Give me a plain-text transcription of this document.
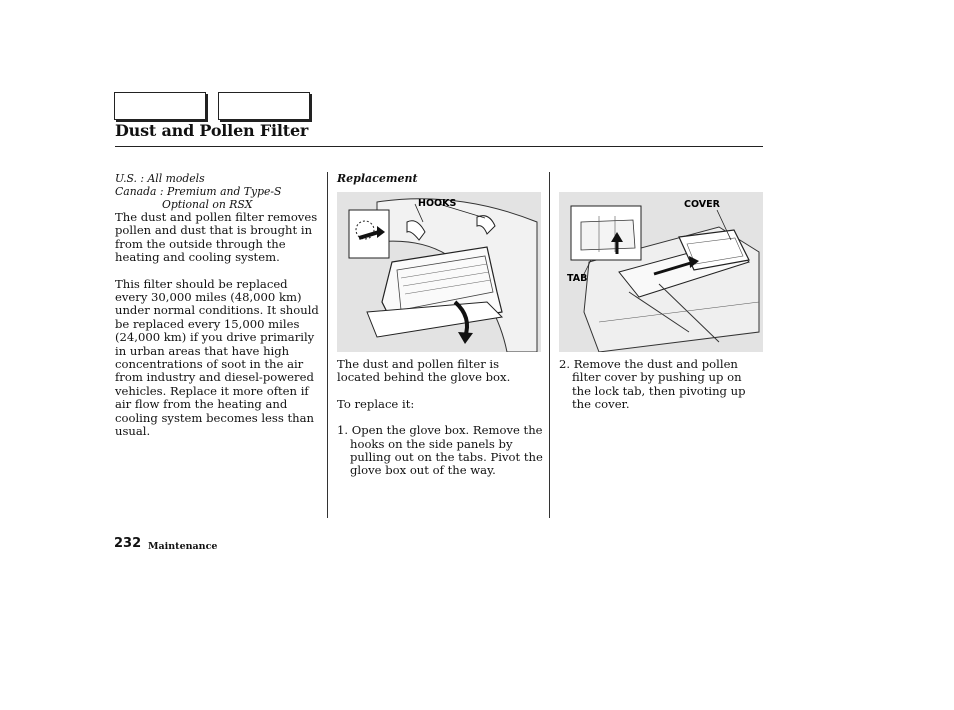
Dust and Pollen Filter

U.S. : All models

Canada : Premium and Type-S

Optional on RSX

The dust and pollen filter removes pollen and dust that is brought in from the outside through the heating and cooling system.

This filter should be replaced every 30,000 miles (48,000 km) under normal conditions. It should be replaced every 15,000 miles (24,000 km) if you drive primarily in urban areas that have high concentrations of soot in the air from industry and diesel-powered vehicles. Replace it more often if air flow from the heating and cooling system becomes less than usual.

Replacement

HOOKS

The dust and pollen filter is located behind the glove box.

To replace it:

1. Open the glove box. Remove the hooks on the side panels by pulling out on the tabs. Pivot the glove box out of the way.

COVER
TAB

2. Remove the dust and pollen filter cover by pushing up on the lock tab, then pivoting up the cover.

232 Maintenance
